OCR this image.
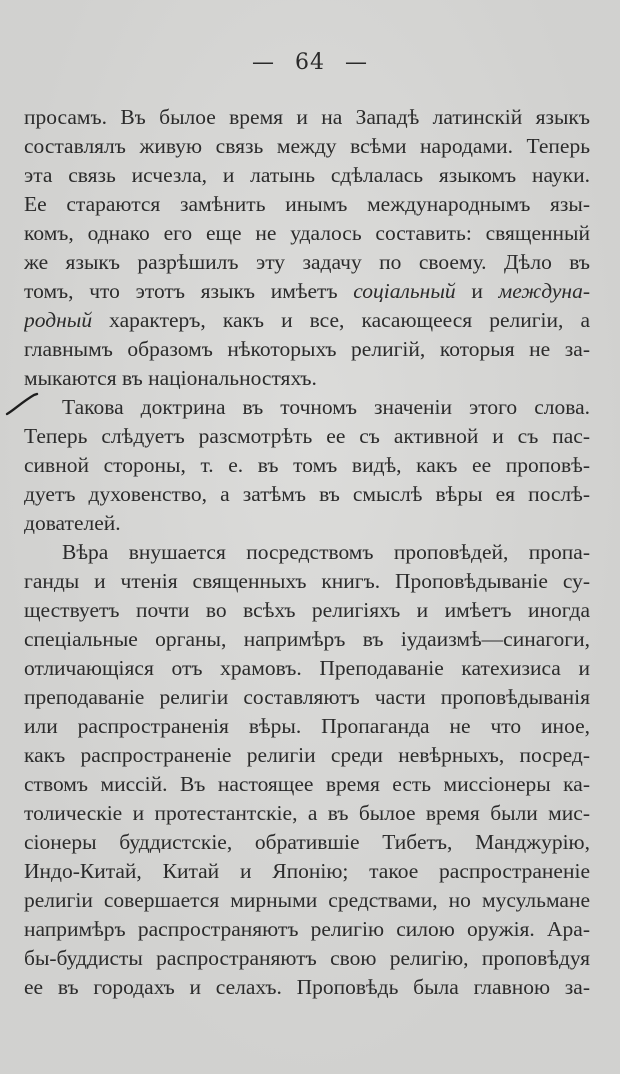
— 64 —
просамъ. Въ былое время и на Западѣ латинскій языкъ
составлялъ живую связь между всѣми народами. Теперь
эта связь исчезла, и латынь сдѣлалась языкомъ науки.
Ее стараются замѣнить инымъ международнымъ язы-
комъ, однако его еще не удалось составить: священный
же языкъ разрѣшилъ эту задачу по своему. Дѣло въ
томъ, что этотъ языкъ имѣетъ соціальный и междуна-
родный характеръ, какъ и все, касающееся религіи, а
главнымъ образомъ нѣкоторыхъ религій, которыя не за-
мыкаются въ національностяхъ.
Такова доктрина въ точномъ значеніи этого слова.
Теперь слѣдуетъ разсмотрѣть ее съ активной и съ пас-
сивной стороны, т. е. въ томъ видѣ, какъ ее проповѣ-
дуетъ духовенство, а затѣмъ въ смыслѣ вѣры ея послѣ-
дователей.
Вѣра внушается посредствомъ проповѣдей, пропа-
ганды и чтенія священныхъ книгъ. Проповѣдываніе су-
ществуетъ почти во всѣхъ религіяхъ и имѣетъ иногда
спеціальные органы, напримѣръ въ іудаизмѣ—синагоги,
отличающіяся отъ храмовъ. Преподаваніе катехизиса и
преподаваніе религіи составляютъ части проповѣдыванія
или распространенія вѣры. Пропаганда не что иное,
какъ распространеніе религіи среди невѣрныхъ, посред-
ствомъ миссій. Въ настоящее время есть миссіонеры ка-
толическіе и протестантскіе, а въ былое время были мис-
сіонеры буддистскіе, обратившіе Тибетъ, Манджурію,
Индо-Китай, Китай и Японію; такое распространеніе
религіи совершается мирными средствами, но мусульмане
напримѣръ распространяютъ религію силою оружія. Ара-
бы-буддисты распространяютъ свою религію, проповѣдуя
ее въ городахъ и селахъ. Проповѣдь была главною за-
